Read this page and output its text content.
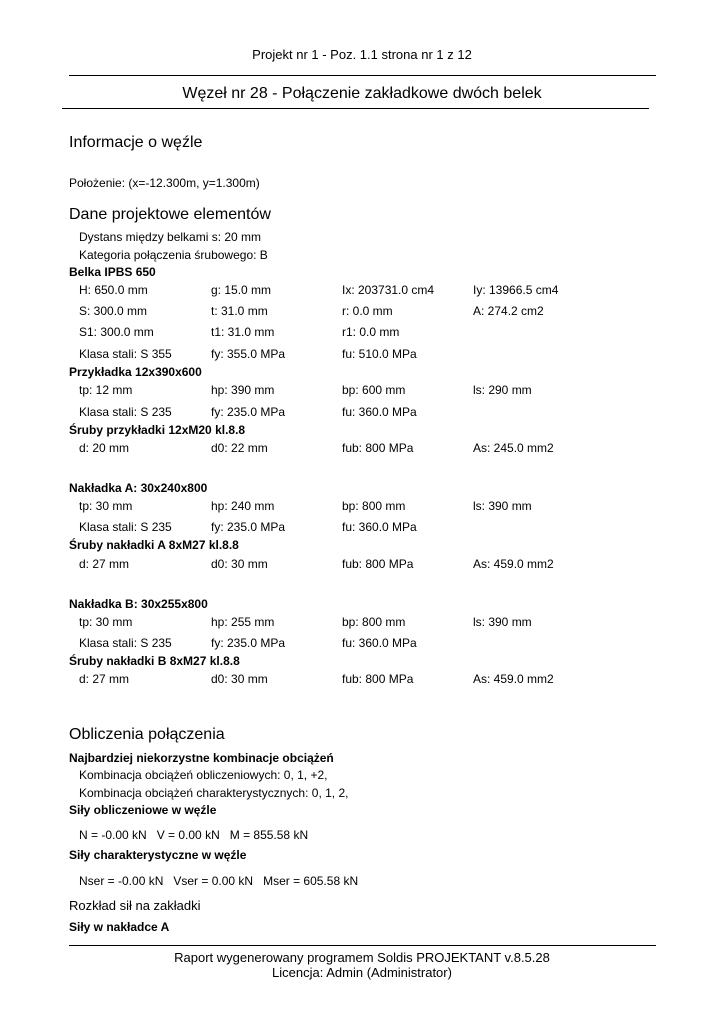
Projekt nr 1 - Poz. 1.1 strona nr 1 z 12
Węzeł nr 28 - Połączenie zakładkowe dwóch belek
Informacje o węźle
Położenie: (x=-12.300m, y=1.300m)
Dane projektowe elementów
Dystans między belkami s: 20 mm
Kategoria połączenia śrubowego: B
Belka IPBS 650
H: 650.0 mm	g: 15.0 mm	Ix: 203731.0 cm4	Iy: 13966.5 cm4
S: 300.0 mm	t: 31.0 mm	r: 0.0 mm	A: 274.2 cm2
S1: 300.0 mm	t1: 31.0 mm	r1: 0.0 mm
Klasa stali: S 355	fy: 355.0 MPa	fu: 510.0 MPa
Przykładka 12x390x600
tp: 12 mm	hp: 390 mm	bp: 600 mm	ls: 290 mm
Klasa stali: S 235	fy: 235.0 MPa	fu: 360.0 MPa
Śruby przykładki 12xM20 kl.8.8
d: 20 mm	d0: 22 mm	fub: 800 MPa	As: 245.0 mm2
Nakładka A: 30x240x800
tp: 30 mm	hp: 240 mm	bp: 800 mm	ls: 390 mm
Klasa stali: S 235	fy: 235.0 MPa	fu: 360.0 MPa
Śruby nakładki A 8xM27 kl.8.8
d: 27 mm	d0: 30 mm	fub: 800 MPa	As: 459.0 mm2
Nakładka B: 30x255x800
tp: 30 mm	hp: 255 mm	bp: 800 mm	ls: 390 mm
Klasa stali: S 235	fy: 235.0 MPa	fu: 360.0 MPa
Śruby nakładki B 8xM27 kl.8.8
d: 27 mm	d0: 30 mm	fub: 800 MPa	As: 459.0 mm2
Obliczenia połączenia
Najbardziej niekorzystne kombinacje obciążeń
Kombinacja obciążeń obliczeniowych: 0, 1, +2,
Kombinacja obciążeń charakterystycznych: 0, 1, 2,
Siły obliczeniowe w węźle
N = -0.00 kN   V = 0.00 kN   M = 855.58 kN
Siły charakterystyczne w węźle
Nser = -0.00 kN   Vser = 0.00 kN   Mser = 605.58 kN
Rozkład sił na zakładki
Siły w nakładce A
Raport wygenerowany programem Soldis PROJEKTANT v.8.5.28
Licencja: Admin (Administrator)
